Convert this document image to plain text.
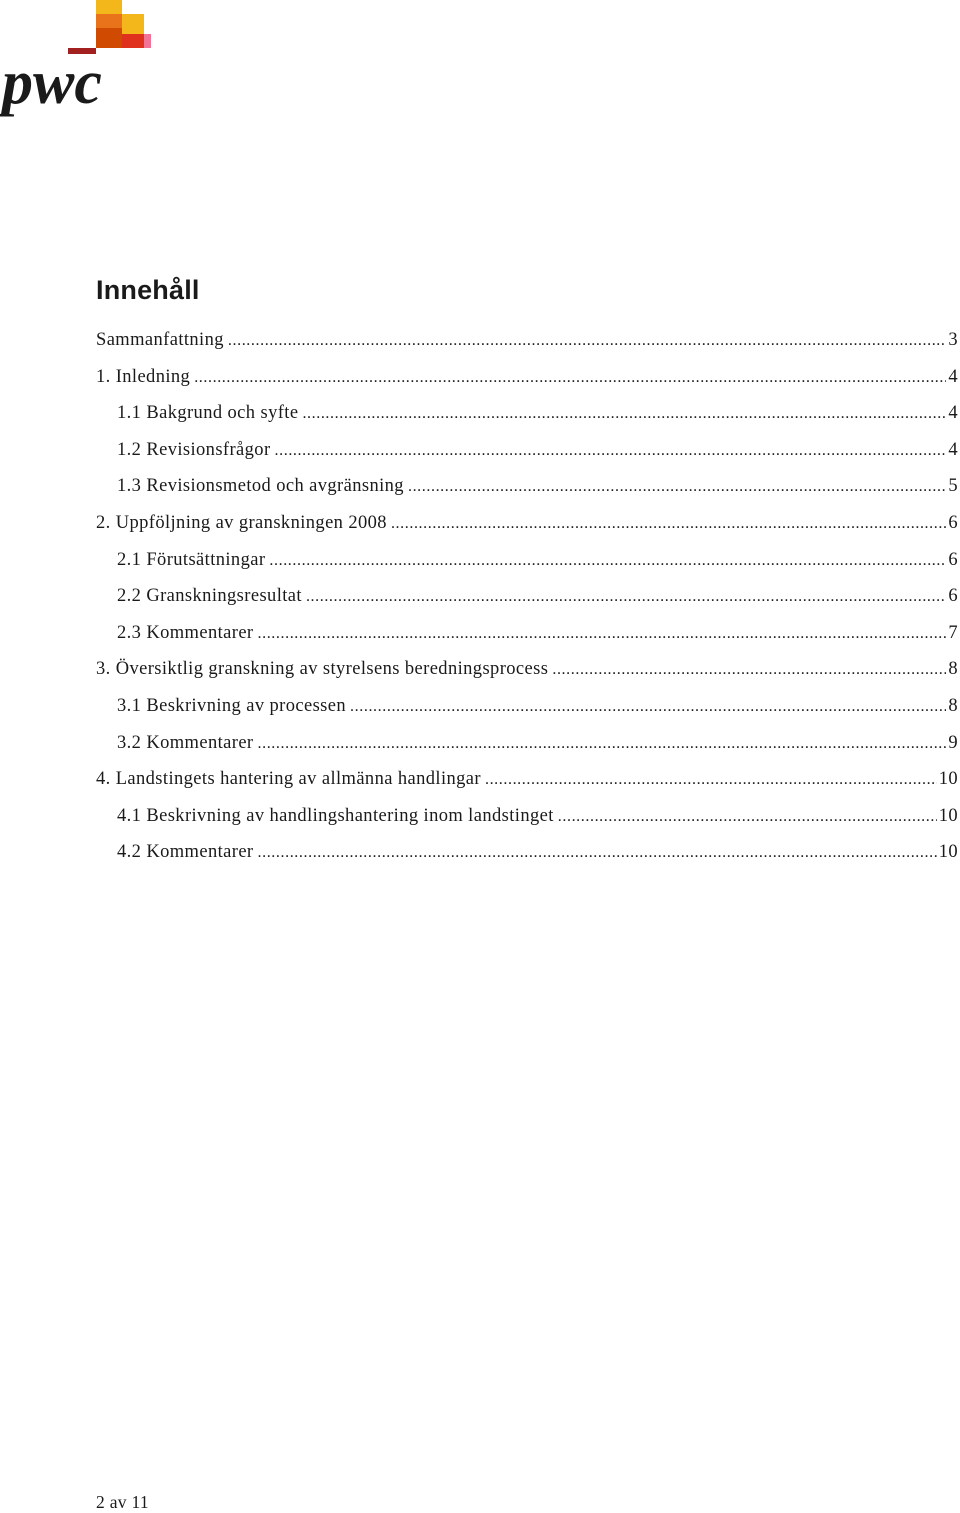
pwc
Innehåll
Sammanfattning .....	3
1. Inledning .....	4
1.1 Bakgrund och syfte .....	4
1.2 Revisionsfrågor .....	4
1.3 Revisionsmetod och avgränsning .....	5
2. Uppföljning av granskningen 2008 .....	6
2.1 Förutsättningar .....	6
2.2 Granskningsresultat .....	6
2.3 Kommentarer .....	7
3. Översiktlig granskning av styrelsens beredningsprocess .....	8
3.1 Beskrivning av processen .....	8
3.2 Kommentarer .....	9
4. Landstingets hantering av allmänna handlingar .....	10
4.1 Beskrivning av handlingshantering inom landstinget .....	10
4.2 Kommentarer .....	10
2 av 11
